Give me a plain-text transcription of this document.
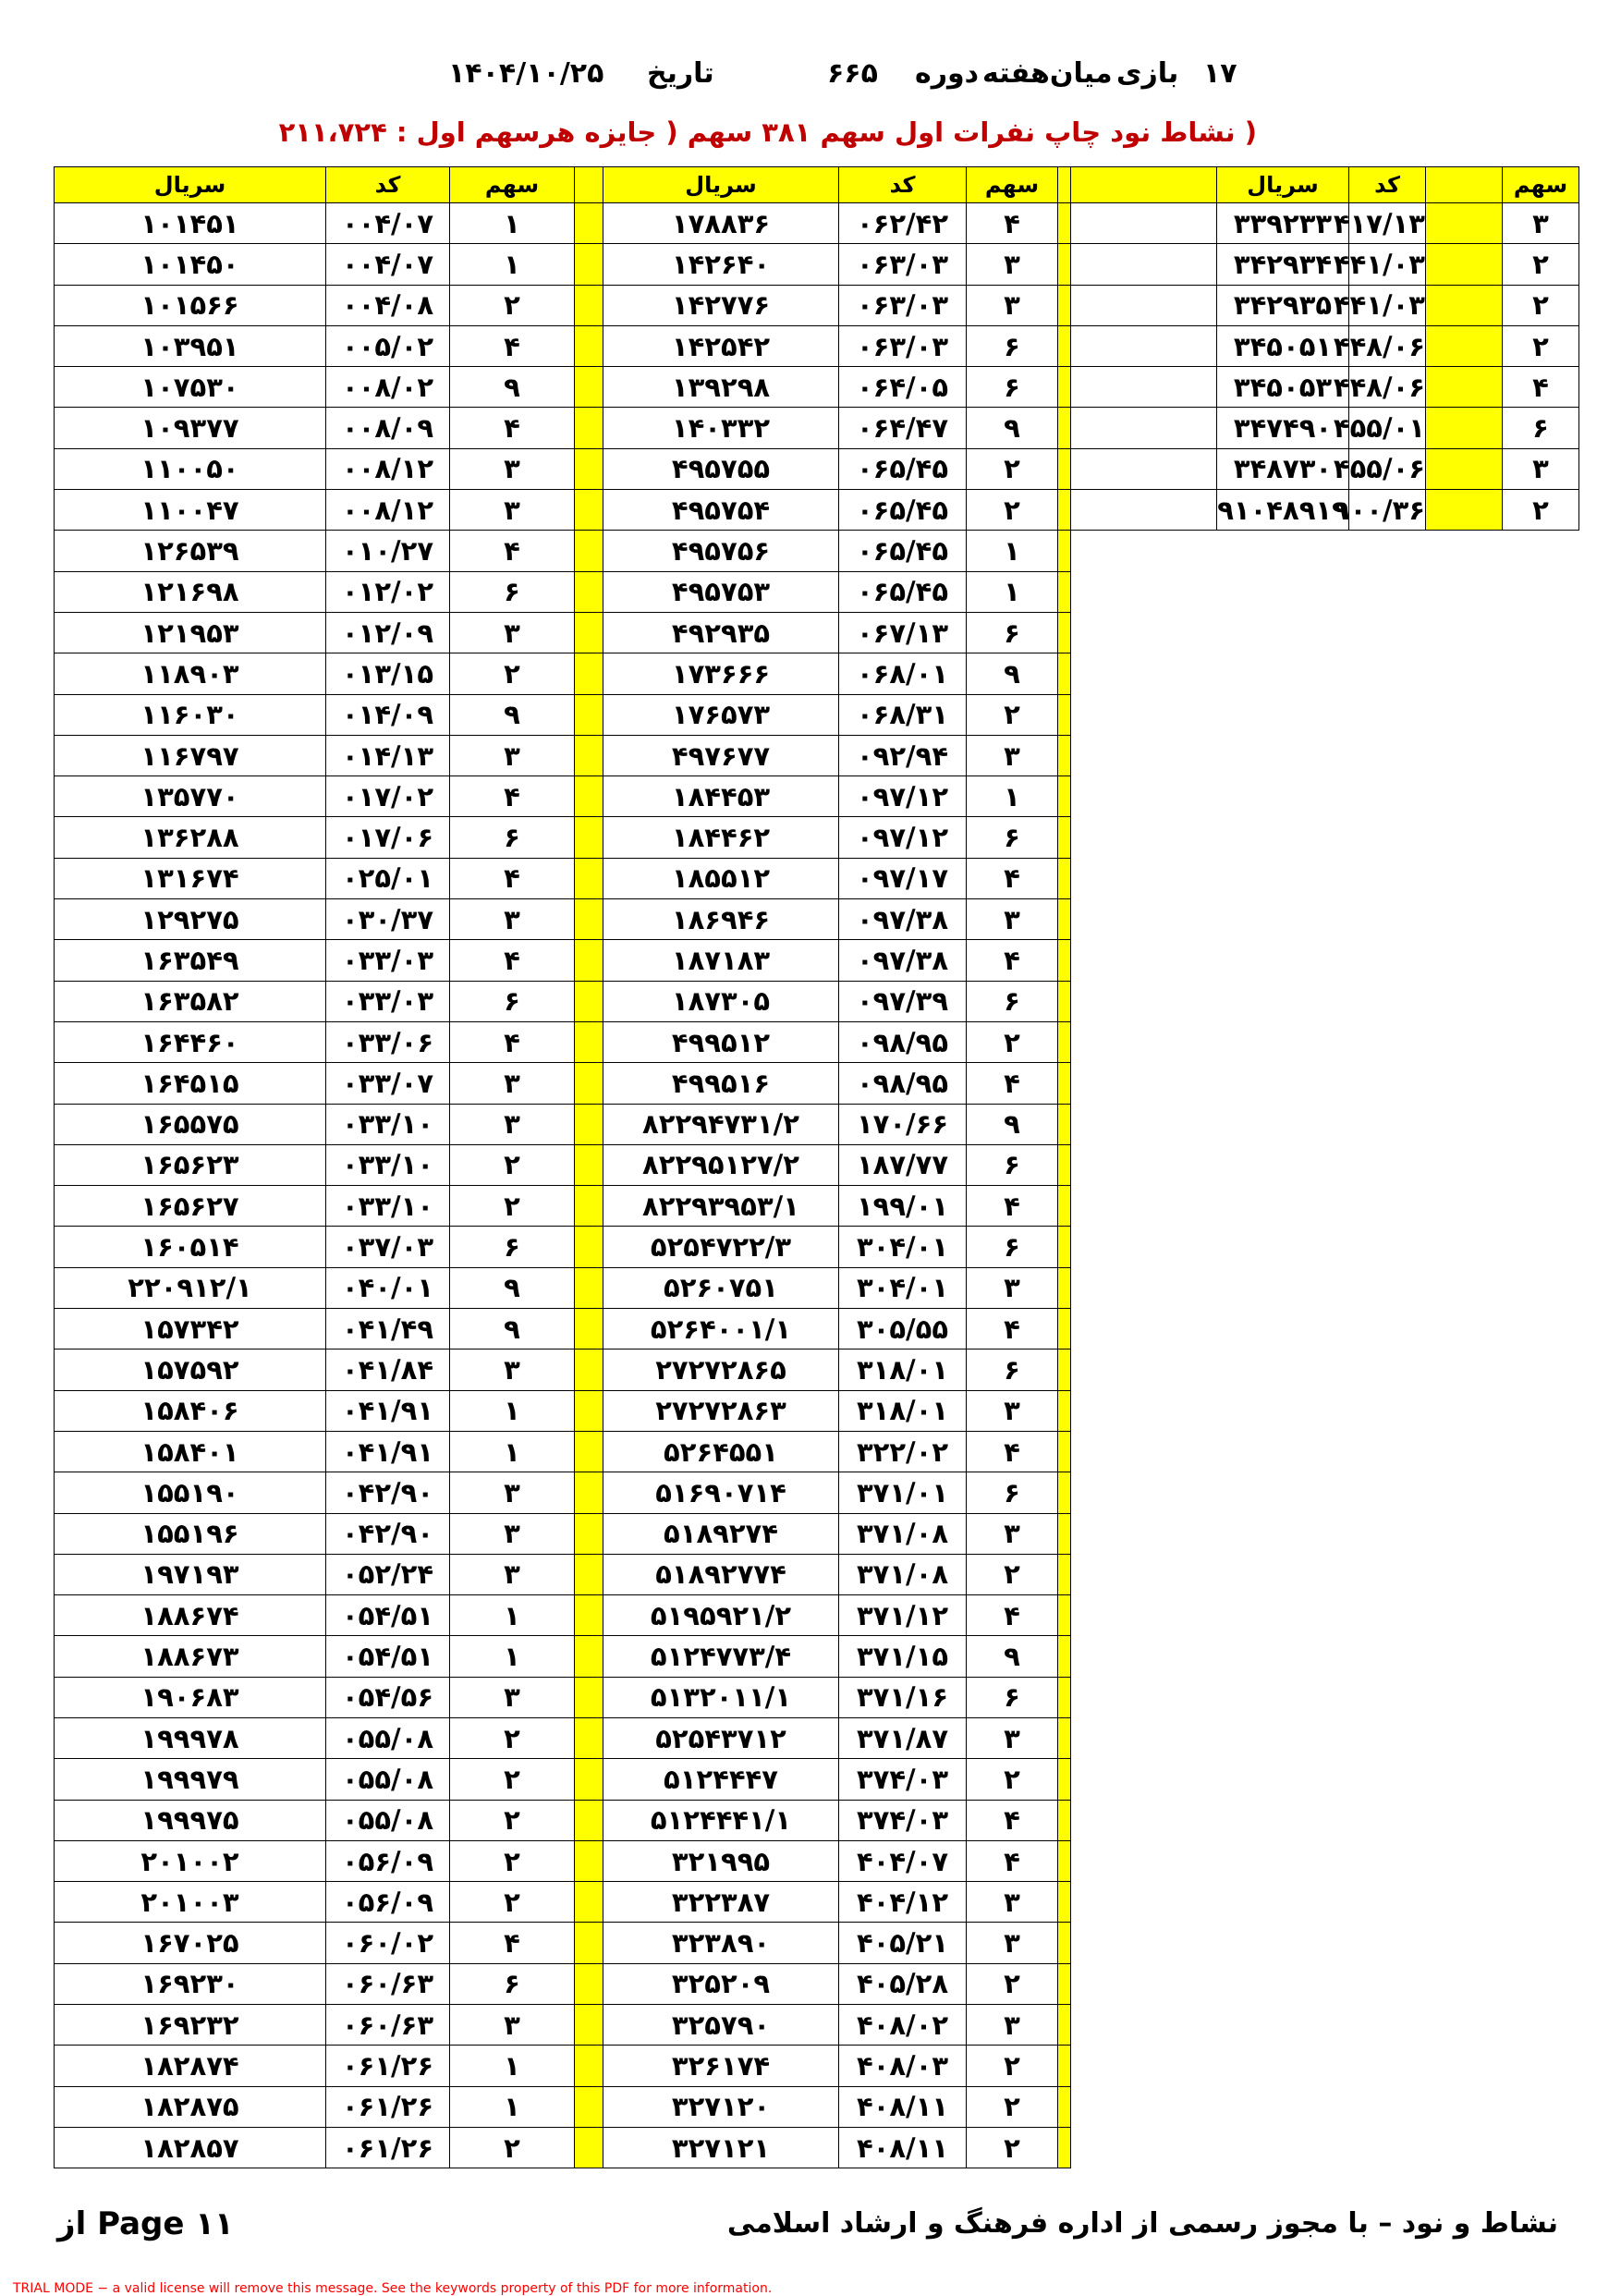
۱۷
بازی
میان‌هفته
دوره
۶۶۵
تاریخ
۱۴۰۴/۱۰/۲۵
( نشاط نود چاپ نفرات اول سهم ۳۸۱ سهم ( جایزه هرسهم اول : ۲۱۱،۷۲۴
سهم		کد	سریال	
۳		۴۱۷/۱۳	۳۳۹۲۳۳	
۲		۴۴۱/۰۳	۳۴۲۹۳۴	
۲		۴۴۱/۰۳	۳۴۲۹۳۵	
۲		۴۴۸/۰۶	۳۴۵۰۵۱	
۴		۴۴۸/۰۶	۳۴۵۰۵۳	
۶		۴۵۵/۰۱	۳۴۷۴۹۰	
۳		۴۵۵/۰۶	۳۴۸۷۳۰	
۲		۹۰۰/۳۶	۹۱۰۴۸۹۱۹	
	سهم	کد	سریال		سهم	کد	سریال
	۴	۰۶۲/۴۲	۱۷۸۸۳۶		۱	۰۰۴/۰۷	۱۰۱۴۵۱
	۳	۰۶۳/۰۳	۱۴۲۶۴۰		۱	۰۰۴/۰۷	۱۰۱۴۵۰
	۳	۰۶۳/۰۳	۱۴۲۷۷۶		۲	۰۰۴/۰۸	۱۰۱۵۶۶
	۶	۰۶۳/۰۳	۱۴۲۵۴۲		۴	۰۰۵/۰۲	۱۰۳۹۵۱
	۶	۰۶۴/۰۵	۱۳۹۲۹۸		۹	۰۰۸/۰۲	۱۰۷۵۳۰
	۹	۰۶۴/۴۷	۱۴۰۳۳۲		۴	۰۰۸/۰۹	۱۰۹۳۷۷
	۲	۰۶۵/۴۵	۴۹۵۷۵۵		۳	۰۰۸/۱۲	۱۱۰۰۵۰
	۲	۰۶۵/۴۵	۴۹۵۷۵۴		۳	۰۰۸/۱۲	۱۱۰۰۴۷
	۱	۰۶۵/۴۵	۴۹۵۷۵۶		۴	۰۱۰/۲۷	۱۲۶۵۳۹
	۱	۰۶۵/۴۵	۴۹۵۷۵۳		۶	۰۱۲/۰۲	۱۲۱۶۹۸
	۶	۰۶۷/۱۳	۴۹۲۹۳۵		۳	۰۱۲/۰۹	۱۲۱۹۵۳
	۹	۰۶۸/۰۱	۱۷۳۶۶۶		۲	۰۱۳/۱۵	۱۱۸۹۰۳
	۲	۰۶۸/۳۱	۱۷۶۵۷۳		۹	۰۱۴/۰۹	۱۱۶۰۳۰
	۳	۰۹۲/۹۴	۴۹۷۶۷۷		۳	۰۱۴/۱۳	۱۱۶۷۹۷
	۱	۰۹۷/۱۲	۱۸۴۴۵۳		۴	۰۱۷/۰۲	۱۳۵۷۷۰
	۶	۰۹۷/۱۲	۱۸۴۴۶۲		۶	۰۱۷/۰۶	۱۳۶۲۸۸
	۴	۰۹۷/۱۷	۱۸۵۵۱۲		۴	۰۲۵/۰۱	۱۳۱۶۷۴
	۳	۰۹۷/۳۸	۱۸۶۹۴۶		۳	۰۳۰/۳۷	۱۲۹۲۷۵
	۴	۰۹۷/۳۸	۱۸۷۱۸۳		۴	۰۳۳/۰۳	۱۶۳۵۴۹
	۶	۰۹۷/۳۹	۱۸۷۳۰۵		۶	۰۳۳/۰۳	۱۶۳۵۸۲
	۲	۰۹۸/۹۵	۴۹۹۵۱۲		۴	۰۳۳/۰۶	۱۶۴۴۶۰
	۴	۰۹۸/۹۵	۴۹۹۵۱۶		۳	۰۳۳/۰۷	۱۶۴۵۱۵
	۹	۱۷۰/۶۶	۸۲۲۹۴۷۳۱/۲		۳	۰۳۳/۱۰	۱۶۵۵۷۵
	۶	۱۸۷/۷۷	۸۲۲۹۵۱۲۷/۲		۲	۰۳۳/۱۰	۱۶۵۶۲۳
	۴	۱۹۹/۰۱	۸۲۲۹۳۹۵۳/۱		۲	۰۳۳/۱۰	۱۶۵۶۲۷
	۶	۳۰۴/۰۱	۵۲۵۴۷۲۲/۳		۶	۰۳۷/۰۳	۱۶۰۵۱۴
	۳	۳۰۴/۰۱	۵۲۶۰۷۵۱		۹	۰۴۰/۰۱	۲۲۰۹۱۲/۱
	۴	۳۰۵/۵۵	۵۲۶۴۰۰۱/۱		۹	۰۴۱/۴۹	۱۵۷۳۴۲
	۶	۳۱۸/۰۱	۲۷۲۷۲۸۶۵		۳	۰۴۱/۸۴	۱۵۷۵۹۲
	۳	۳۱۸/۰۱	۲۷۲۷۲۸۶۳		۱	۰۴۱/۹۱	۱۵۸۴۰۶
	۴	۳۲۲/۰۲	۵۲۶۴۵۵۱		۱	۰۴۱/۹۱	۱۵۸۴۰۱
	۶	۳۷۱/۰۱	۵۱۶۹۰۷۱۴		۳	۰۴۲/۹۰	۱۵۵۱۹۰
	۳	۳۷۱/۰۸	۵۱۸۹۲۷۴		۳	۰۴۲/۹۰	۱۵۵۱۹۶
	۲	۳۷۱/۰۸	۵۱۸۹۲۷۷۴		۳	۰۵۲/۲۴	۱۹۷۱۹۳
	۴	۳۷۱/۱۲	۵۱۹۵۹۲۱/۲		۱	۰۵۴/۵۱	۱۸۸۶۷۴
	۹	۳۷۱/۱۵	۵۱۲۴۷۷۳/۴		۱	۰۵۴/۵۱	۱۸۸۶۷۳
	۶	۳۷۱/۱۶	۵۱۳۲۰۱۱/۱		۳	۰۵۴/۵۶	۱۹۰۶۸۳
	۳	۳۷۱/۸۷	۵۲۵۴۳۷۱۲		۲	۰۵۵/۰۸	۱۹۹۹۷۸
	۲	۳۷۴/۰۳	۵۱۲۴۴۴۷		۲	۰۵۵/۰۸	۱۹۹۹۷۹
	۴	۳۷۴/۰۳	۵۱۲۴۴۴۱/۱		۲	۰۵۵/۰۸	۱۹۹۹۷۵
	۴	۴۰۴/۰۷	۳۲۱۹۹۵		۲	۰۵۶/۰۹	۲۰۱۰۰۲
	۳	۴۰۴/۱۲	۳۲۲۳۸۷		۲	۰۵۶/۰۹	۲۰۱۰۰۳
	۳	۴۰۵/۲۱	۳۲۳۸۹۰		۴	۰۶۰/۰۲	۱۶۷۰۲۵
	۲	۴۰۵/۲۸	۳۲۵۲۰۹		۶	۰۶۰/۶۳	۱۶۹۲۳۰
	۳	۴۰۸/۰۲	۳۲۵۷۹۰		۳	۰۶۰/۶۳	۱۶۹۲۳۲
	۲	۴۰۸/۰۳	۳۲۶۱۷۴		۱	۰۶۱/۲۶	۱۸۲۸۷۴
	۲	۴۰۸/۱۱	۳۲۷۱۲۰		۱	۰۶۱/۲۶	۱۸۲۸۷۵
	۲	۴۰۸/۱۱	۳۲۷۱۲۱		۲	۰۶۱/۲۶	۱۸۲۸۵۷
Page ۱۱ از	نشاط و نود – با مجوز رسمی از اداره فرهنگ و ارشاد اسلامی
TRIAL MODE − a valid license will remove this message. See the keywords property of this PDF for more information.
